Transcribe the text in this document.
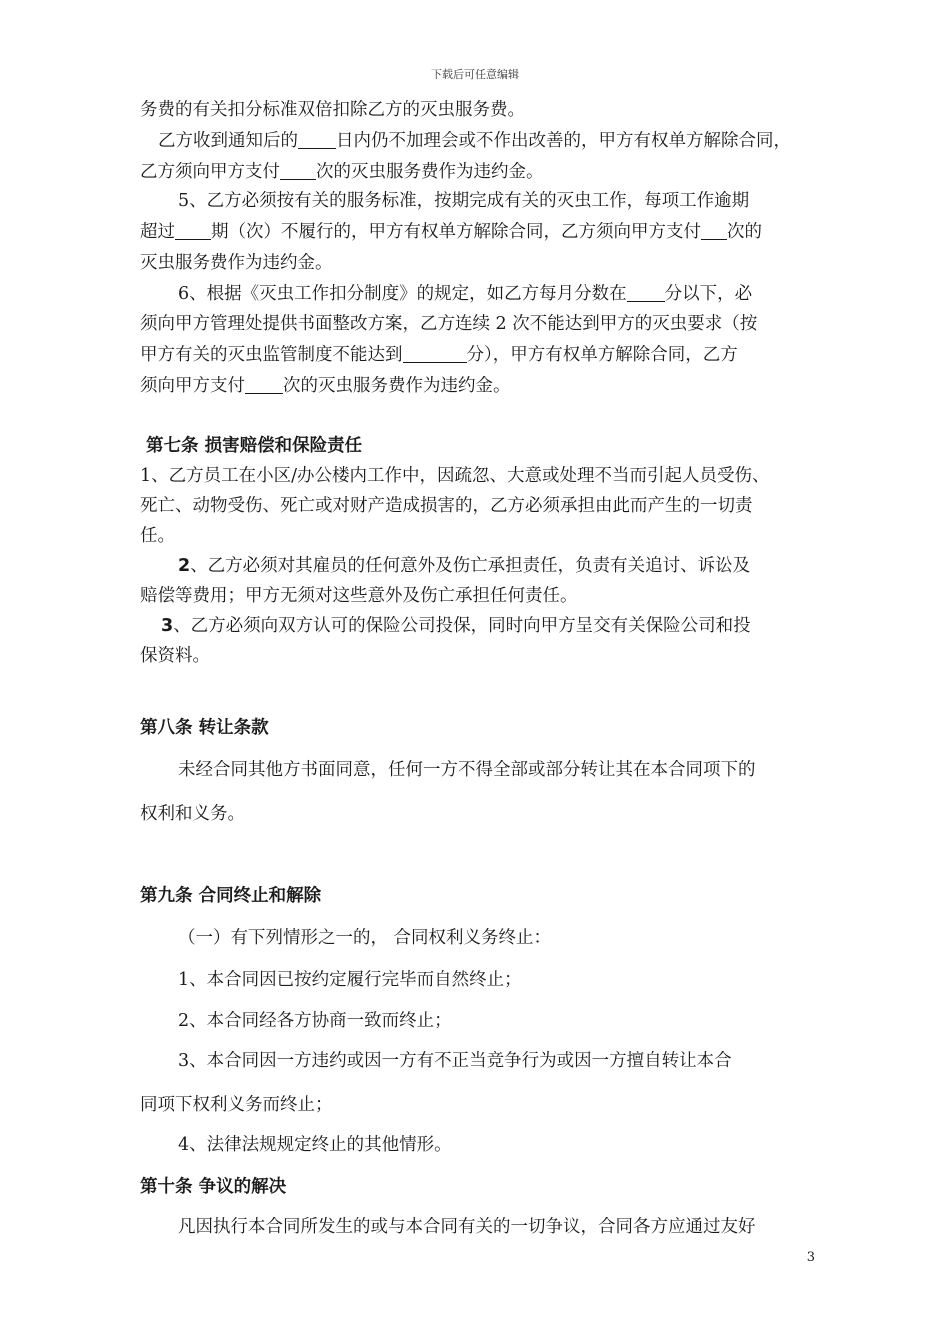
下载后可任意编辑
务费的有关扣分标准双倍扣除乙方的灭虫服务费。
乙方收到通知后的 日内仍不加理会或不作出改善的，甲方有权单方解除合同，
乙方须向甲方支付 次的灭虫服务费作为违约金。
5、乙方必须按有关的服务标准，按期完成有关的灭虫工作，每项工作逾期
超过 期（次）不履行的，甲方有权单方解除合同，乙方须向甲方支付 次的
灭虫服务费作为违约金。
6、根据《灭虫工作扣分制度》的规定，如乙方每月分数在 分以下，必
须向甲方管理处提供书面整改方案，乙方连续 2 次不能达到甲方的灭虫要求（按
甲方有关的灭虫监管制度不能达到	分），甲方有权单方解除合同，乙方
须向甲方支付 次的灭虫服务费作为违约金。
第七条 损害赔偿和保险责任
1、乙方员工在小区/办公楼内工作中，因疏忽、大意或处理不当而引起人员受伤、
死亡、动物受伤、死亡或对财产造成损害的，乙方必须承担由此而产生的一切责
任。
2、乙方必须对其雇员的任何意外及伤亡承担责任，负责有关追讨、诉讼及
赔偿等费用；甲方无须对这些意外及伤亡承担任何责任。
3、乙方必须向双方认可的保险公司投保，同时向甲方呈交有关保险公司和投
保资料。
第八条 转让条款
未经合同其他方书面同意，任何一方不得全部或部分转让其在本合同项下的
权利和义务。
第九条 合同终止和解除
（一）有下列情形之一的， 合同权利义务终止：
1、本合同因已按约定履行完毕而自然终止；
2、本合同经各方协商一致而终止；
3、本合同因一方违约或因一方有不正当竞争行为或因一方擅自转让本合
同项下权利义务而终止；
4、法律法规规定终止的其他情形。
第十条 争议的解决
凡因执行本合同所发生的或与本合同有关的一切争议，合同各方应通过友好
3
